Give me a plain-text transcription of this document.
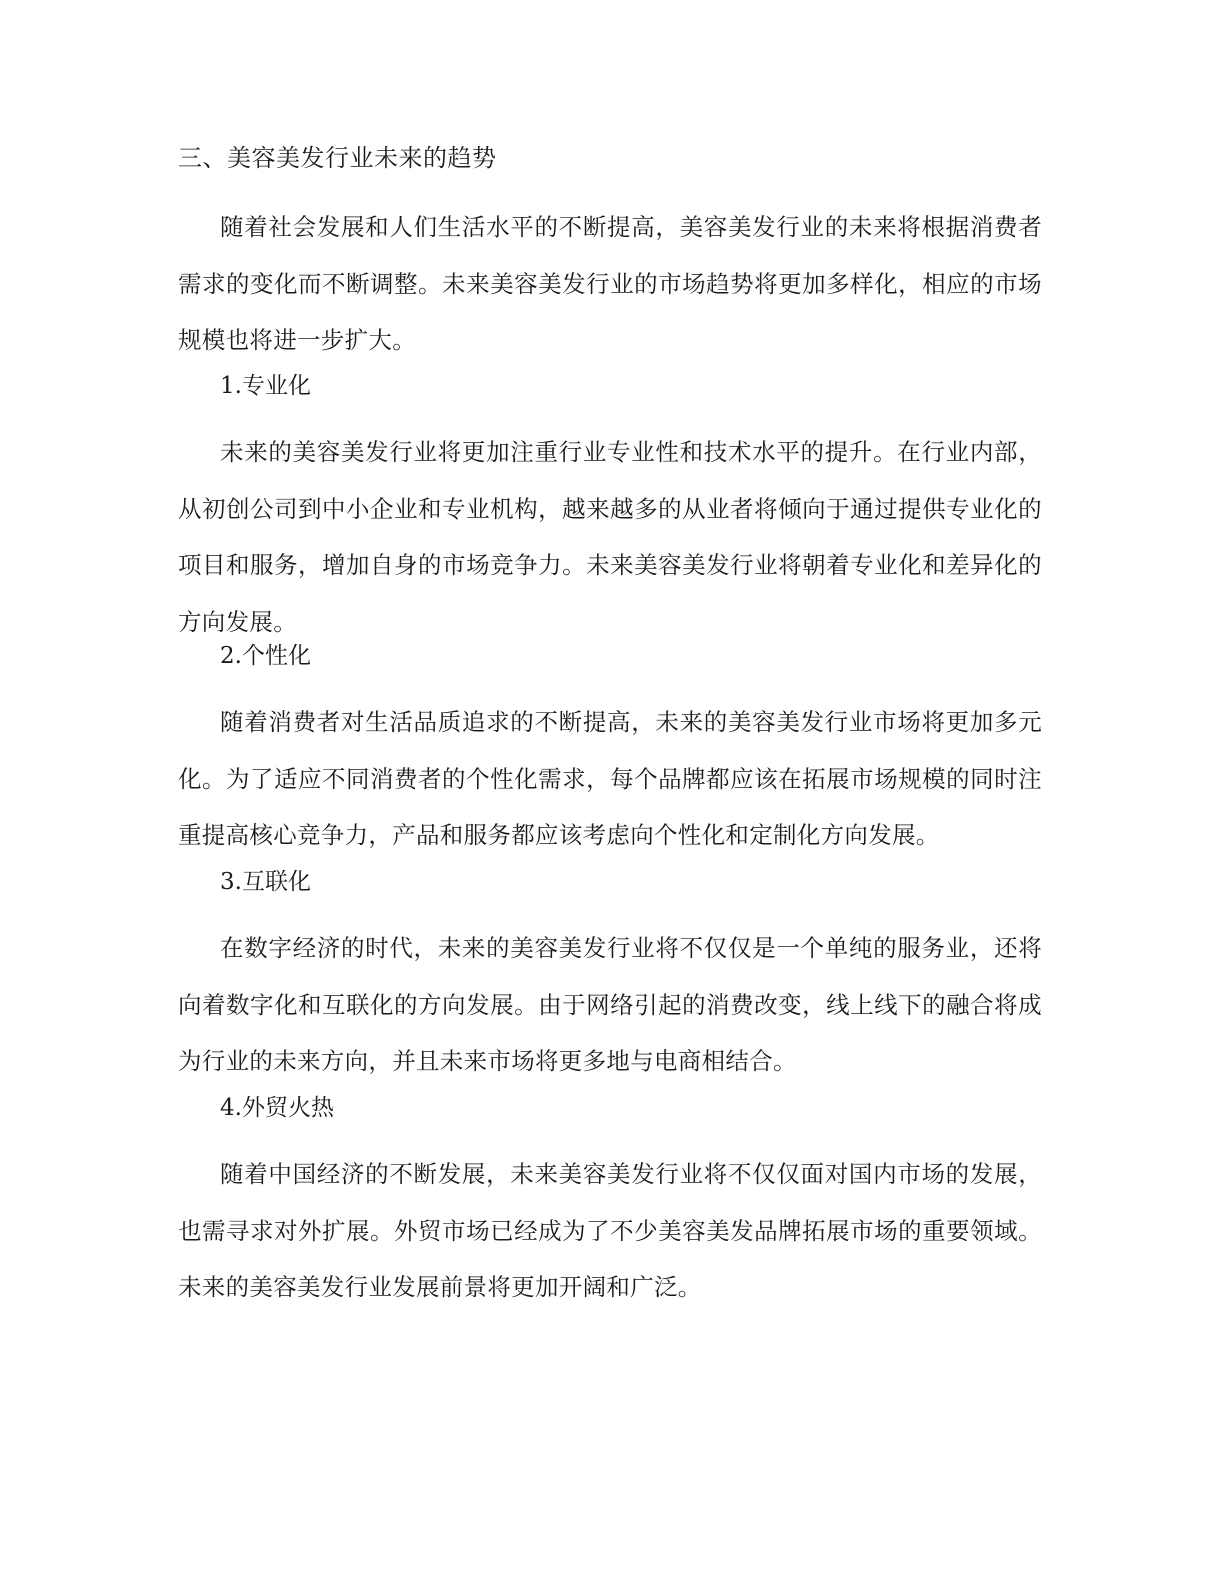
三、美容美发行业未来的趋势
随着社会发展和人们生活水平的不断提高，美容美发行业的未来将根据消费者需求的变化而不断调整。未来美容美发行业的市场趋势将更加多样化，相应的市场规模也将进一步扩大。
1.专业化
未来的美容美发行业将更加注重行业专业性和技术水平的提升。在行业内部，从初创公司到中小企业和专业机构，越来越多的从业者将倾向于通过提供专业化的项目和服务，增加自身的市场竞争力。未来美容美发行业将朝着专业化和差异化的方向发展。
2.个性化
随着消费者对生活品质追求的不断提高，未来的美容美发行业市场将更加多元化。为了适应不同消费者的个性化需求，每个品牌都应该在拓展市场规模的同时注重提高核心竞争力，产品和服务都应该考虑向个性化和定制化方向发展。
3.互联化
在数字经济的时代，未来的美容美发行业将不仅仅是一个单纯的服务业，还将向着数字化和互联化的方向发展。由于网络引起的消费改变，线上线下的融合将成为行业的未来方向，并且未来市场将更多地与电商相结合。
4.外贸火热
随着中国经济的不断发展，未来美容美发行业将不仅仅面对国内市场的发展，也需寻求对外扩展。外贸市场已经成为了不少美容美发品牌拓展市场的重要领域。未来的美容美发行业发展前景将更加开阔和广泛。
